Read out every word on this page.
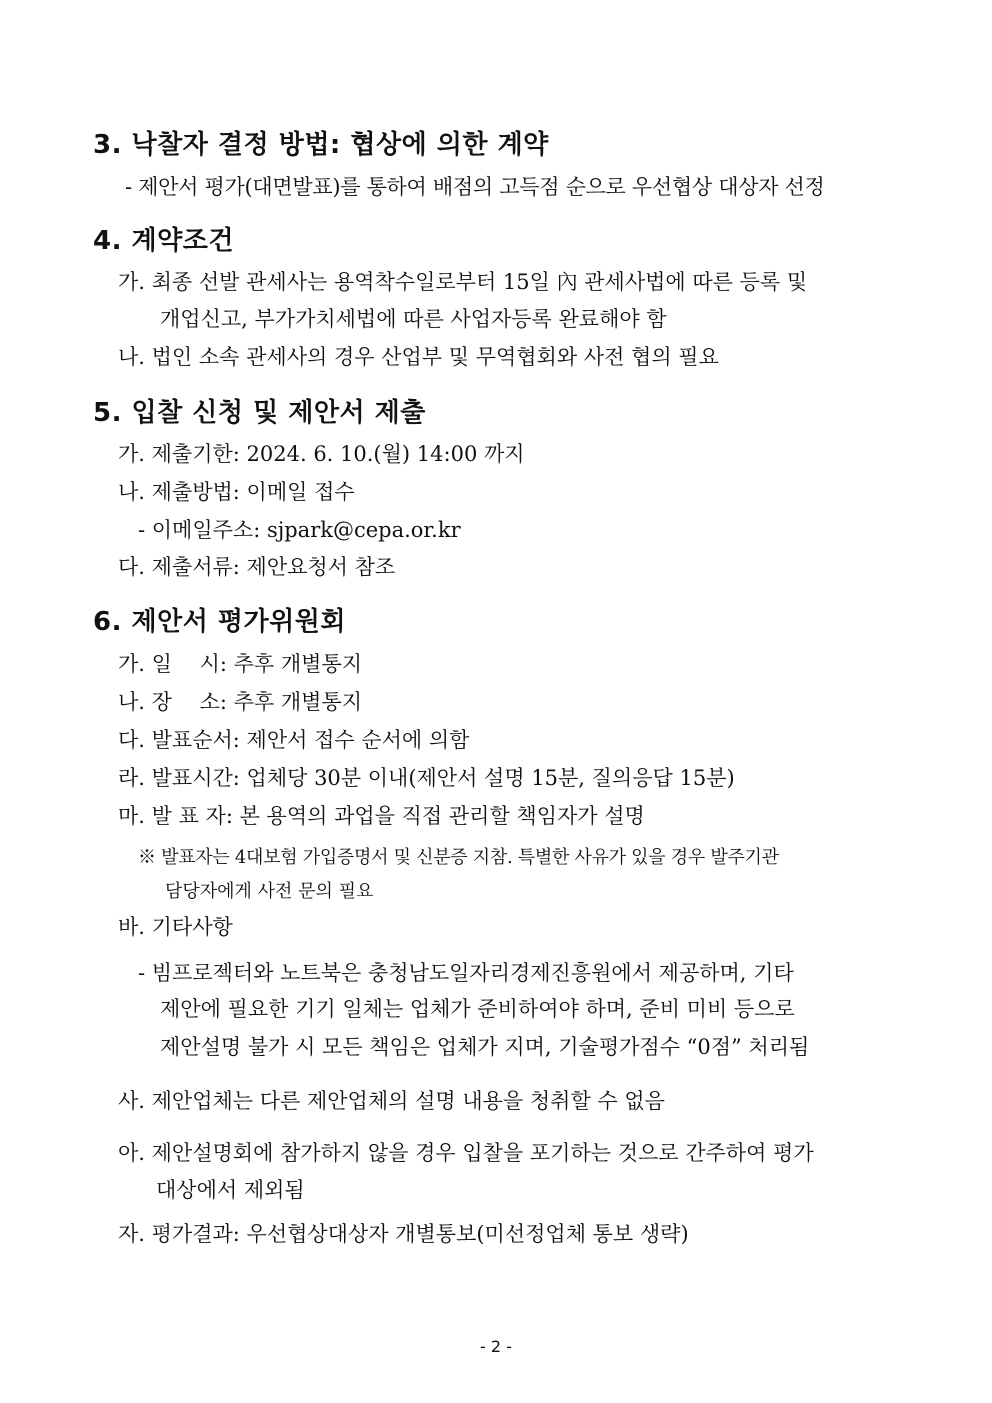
3. 낙찰자 결정 방법: 협상에 의한 계약
- 제안서 평가(대면발표)를 통하여 배점의 고득점 순으로 우선협상 대상자 선정
4. 계약조건
가. 최종 선발 관세사는 용역착수일로부터 15일 內 관세사법에 따른 등록 및
개업신고, 부가가치세법에 따른 사업자등록 완료해야 함
나. 법인 소속 관세사의 경우 산업부 및 무역협회와 사전 협의 필요
5. 입찰 신청 및 제안서 제출
가. 제출기한: 2024. 6. 10.(월) 14:00 까지
나. 제출방법: 이메일 접수
- 이메일주소: sjpark@cepa.or.kr
다. 제출서류: 제안요청서 참조
6. 제안서 평가위원회
가. 일　 시: 추후 개별통지
나. 장　 소: 추후 개별통지
다. 발표순서: 제안서 접수 순서에 의함
라. 발표시간: 업체당 30분 이내(제안서 설명 15분, 질의응답 15분)
마. 발 표 자: 본 용역의 과업을 직접 관리할 책임자가 설명
※ 발표자는 4대보험 가입증명서 및 신분증 지참. 특별한 사유가 있을 경우 발주기관
담당자에게 사전 문의 필요
바. 기타사항
- 빔프로젝터와 노트북은 충청남도일자리경제진흥원에서 제공하며, 기타
제안에 필요한 기기 일체는 업체가 준비하여야 하며, 준비 미비 등으로
제안설명 불가 시 모든 책임은 업체가 지며, 기술평가점수 “0점” 처리됨
사. 제안업체는 다른 제안업체의 설명 내용을 청취할 수 없음
아. 제안설명회에 참가하지 않을 경우 입찰을 포기하는 것으로 간주하여 평가
대상에서 제외됨
자. 평가결과: 우선협상대상자 개별통보(미선정업체 통보 생략)
- 2 -
